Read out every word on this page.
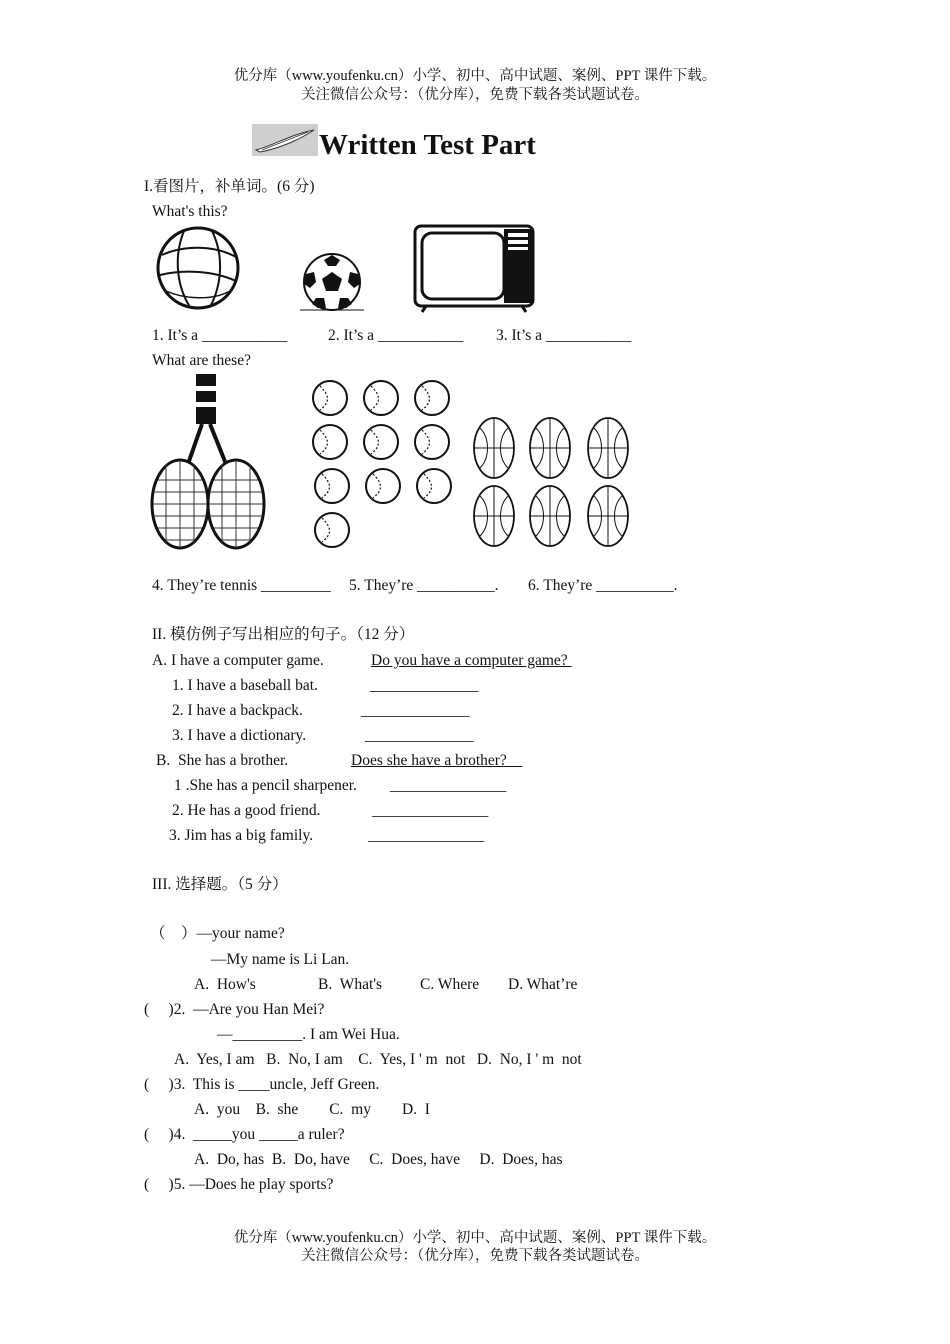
优分库（www.youfenku.cn）小学、初中、高中试题、案例、PPT 课件下载。
关注微信公众号：（优分库），免费下载各类试题试卷。
Written Test Part
I.看图片，补单词。(6 分)
What's this?
1. It’s a ___________	2. It’s a ___________ 3. It’s a ___________
What are these?
4. They’re tennis _________ 5. They’re __________. 6. They’re __________.
II. 模仿例子写出相应的句子。（12 分）
A. I have a computer game.	Do you have a computer game?
1. I have a baseball bat.	______________
2. I have a backpack.	______________
3. I have a dictionary.	______________
B.  She has a brother.	Does she have a brother?
1 .She has a pencil sharpener. _______________
2. He has a good friend.	_______________
3. Jim has a big family.	_______________
III. 选择题。（5 分）
（    ）—your name?
—My name is Li Lan.
A.  How's	B.  What's C. Where D. What’re
(     )2.  —Are you Han Mei?
—_________. I am Wei Hua.
A.  Yes, I am   B.  No, I am    C.  Yes, I ' m  not   D.  No, I ' m  not
(     )3.  This is ____uncle, Jeff Green.
A.  you    B.  she        C.  my        D.  I
(     )4.  _____you _____a ruler?
A.  Do, has  B.  Do, have     C.  Does, have     D.  Does, has
(     )5. —Does he play sports?
优分库（www.youfenku.cn）小学、初中、高中试题、案例、PPT 课件下载。
关注微信公众号：（优分库），免费下载各类试题试卷。
